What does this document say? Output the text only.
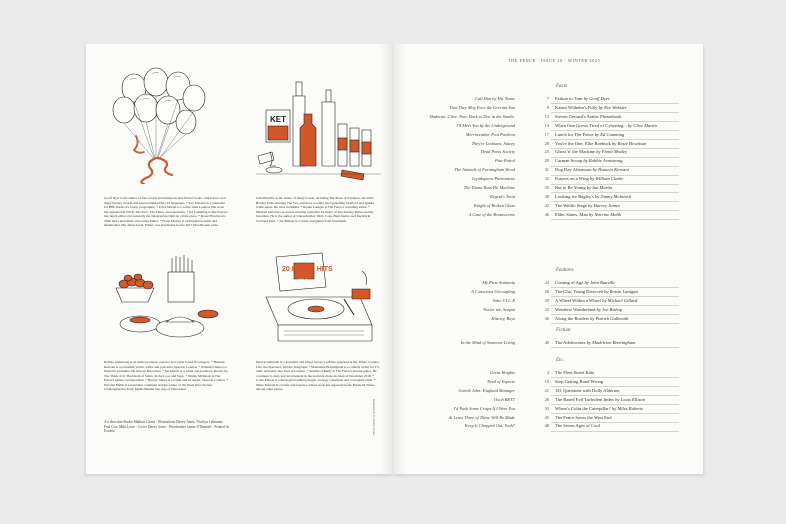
KET
Geoff Dyer is the author of four novels and numerous non-fiction books, which have won many literary awards and been translated into 24 languages. * Eve Webster is a journalist for BBC Radio 4's Today programme. * Clive Martin is a writer from London. His work has appeared in VICE, The Face, The Times, and elsewhere. * Ed Cumming is The Fence's late lunch editor. Occasionally the Telegraph let him do a little piece. * Rosie Howitson is Time Out's newsletter and events Editor. * Fiona Mozley is an English novelist and medievalist. Her debut novel, Elmet, was shortlisted for the 2017 Man Booker prize.
John Banville is the author of many novels, including The Book of Evidence, the 2005 Booker Prize-winning The Sea, and more recently, the bestselling Strafford and Quirke crime series. He lives in Dublin. * Roisin Lanigan is The Fence's travelling editor. * Michael Gillard is an award-winning journalist for many of The Sunday Times and the Guardian. He is the author of Untouchables: Dirty Cops, Bent Justice and Racism in Scotland Yard. * Joe Bishop is a writer and gamer from Streatham.
20 PARTY HITS
VOL.1
Robbie Armstrong is an audio producer, reporter and writer based in Glasgow. * Hussein Kesvani is a journalist, writer, editor and podcaster based in London. * William Clarke is a financial journalist. He lives in Barcelona. * Ian Martin is a writer and producer, known for The Thick of It, The Death of Stalin, In the Loop and Veep. * Jimmy McIntosh is The Fence's games correspondent. * Harvey James is a writer and an angler, based in London. * Navrine Malik is a Guardian columnist and the author of We Need New Stories: Challenging the Toxic Myths Behind Our Age of Discontent.
Patrick Galbraith is a journalist and writer whose work has appeared in the Times, Country Life, the Spectator, and the Telegraph. * Madeleine Brettingham is a comedy writer for TV, radio and print. She lives in London. * Seamus O'Reilly is The Fence's Ireland editor. He continues to deny any involvement in the Gatwick drone incident of December 2018. * Louis Ellison is a theological anthropologist, strategy consultant and conceptual artist. * Miles Roberts is a writer and reporter, whose work has appeared in the Financial Times among other places.
Art direction Studio Mathias Clottu · Illustrations Davey Jones, Nicolyn Lehmann, Paul Cox, Miki Lowe · Cover Davey Jones · Proofreader James O'Donnell · Printed in Estonia	Illustrations by Davey Jones
THE FENCE · ISSUE 18 · WINTER 2025
Facts
Call Him by His Name	7 Failure to Turn by Geoff Dyer
That They May Face the Grecian Sun	9 Kaiser Wilhelm's Folly by Eve Webster
Shakiran, Clive. Now. Back to Doc in the Studio.	13 Steven Gerrard's Arabic Phrasebook
I'll Meet You by the Underground	14 When One Grows Tired of Cyberdog... by Clive Martin
Merriweather Post Pavilion	17 Lunch for The Fence by Ed Cumming
They're Lesbians, Stacey	20 You're the One, Ellie Roebuck by Rosie Howitson
Dead Poets Society	25 Ghost 'n' the Machine by Fiona Mozley
Paw Patrol	29 Carman Scoop by Robbie Armstrong
The Animals of Farningham Wood	31 Dog Day Afternoon by Hussein Kesvani
Lepidoptera Puritanicus	32 Prayers on a Wing by William Clarke
The Diana Ross Hit Machine	35 But to Be Young by Ian Martin
Regent's Treat	38 Looking for Bagley's by Jimmy McIntosh
Knight of Broken Glass	42 The Weftlo Siege by Harvey James
A Case of the Brutaworms	46 Elder States, Man by Navrine Malik
Features
My First Arakania	24 Coming of Age by John Banville
A Conscious Uncoupling	28 The Chic Young Divorcée by Roisin Lanigan
Soho V.I.C.E	29 A Wheel Within a Wheel by Michael Gillard
Notice me, Senpai	32 Weeaboo Wonderland by Joe Bishop
History, Boys	36 Along the Borders by Patrick Galbraith
Fiction
In the Mind of Someone Living	40 The Adolescents by Madeleine Brettingham
Etc.
Great Heights	4 The Fleet Street Kids
Tired of Experts	18 Stop Getting Bond Wrong
Gareth John: England Manager	21 141 Questions with Dolly Alderton
Oooh BETT	26 The Based Evil Turbulent Index by Louis Ellison
I'd Push Some Crisps If I Were You	33 Where's Colin the Caterpillar? by Miles Roberts
At Least Three of These Will Be Made	45 The Fence Saves the West End
Keep It Chopped Out, Yeah?	48 The Seven Ages of Cool
